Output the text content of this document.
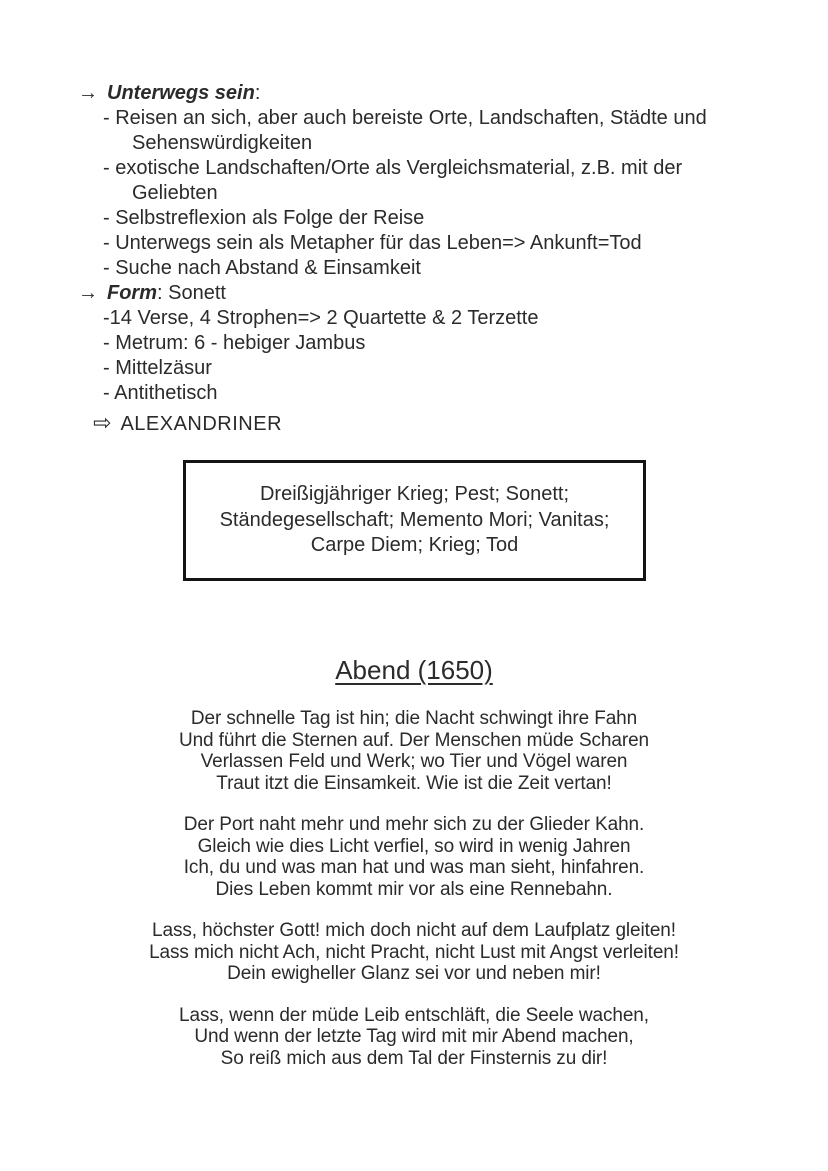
→ Unterwegs sein:
- Reisen an sich, aber auch bereiste Orte, Landschaften, Städte und
Sehenswürdigkeiten
- exotische Landschaften/Orte als Vergleichsmaterial, z.B. mit der
Geliebten
- Selbstreflexion als Folge der Reise
- Unterwegs sein als Metapher für das Leben=> Ankunft=Tod
- Suche nach Abstand & Einsamkeit
→ Form: Sonett
-14 Verse, 4 Strophen=> 2 Quartette & 2 Terzette
- Metrum: 6 - hebiger Jambus
- Mittelzäsur
- Antithetisch
⇨ ALEXANDRINER
Dreißigjähriger Krieg; Pest; Sonett;
Ständegesellschaft; Memento Mori; Vanitas;
Carpe Diem; Krieg; Tod
Abend (1650)
Der schnelle Tag ist hin; die Nacht schwingt ihre Fahn
Und führt die Sternen auf. Der Menschen müde Scharen
Verlassen Feld und Werk; wo Tier und Vögel waren
Traut itzt die Einsamkeit. Wie ist die Zeit vertan!
Der Port naht mehr und mehr sich zu der Glieder Kahn.
Gleich wie dies Licht verfiel, so wird in wenig Jahren
Ich, du und was man hat und was man sieht, hinfahren.
Dies Leben kommt mir vor als eine Rennebahn.
Lass, höchster Gott! mich doch nicht auf dem Laufplatz gleiten!
Lass mich nicht Ach, nicht Pracht, nicht Lust mit Angst verleiten!
Dein ewigheller Glanz sei vor und neben mir!
Lass, wenn der müde Leib entschläft, die Seele wachen,
Und wenn der letzte Tag wird mit mir Abend machen,
So reiß mich aus dem Tal der Finsternis zu dir!
